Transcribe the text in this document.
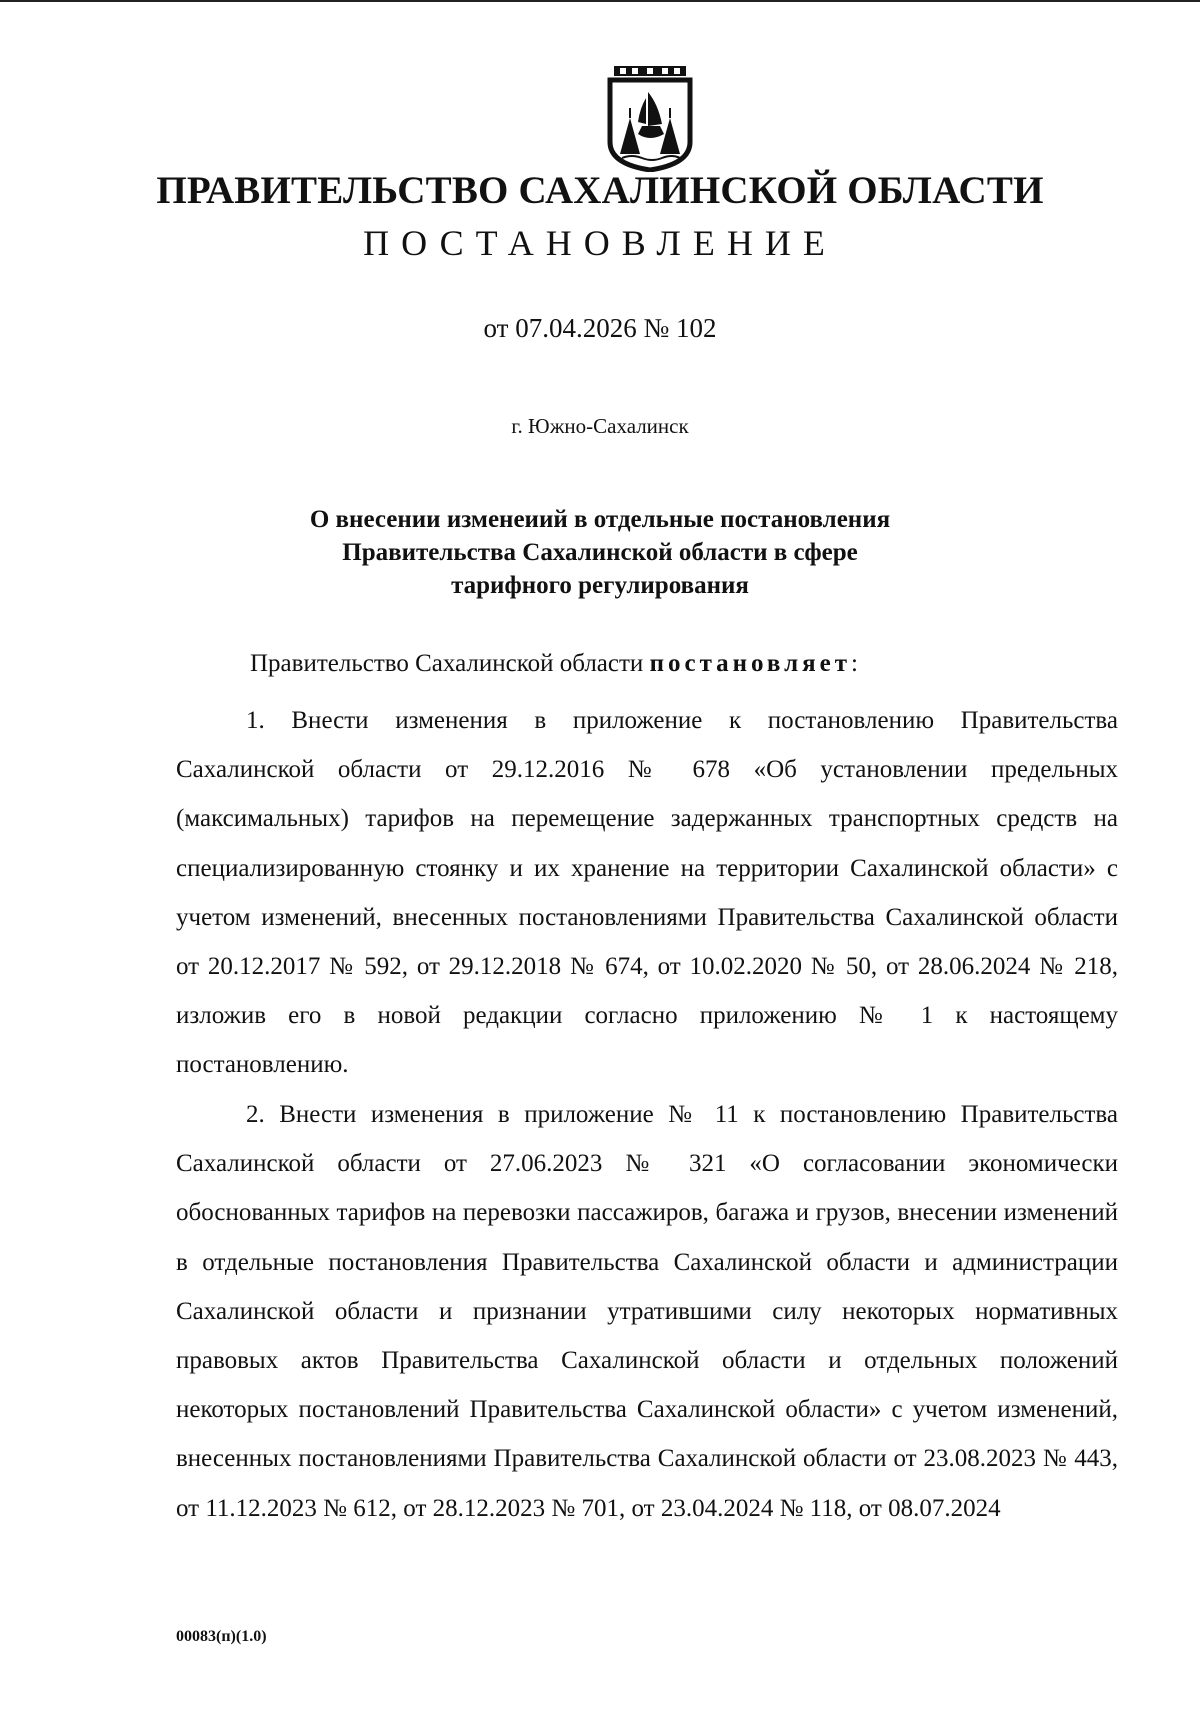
ПРАВИТЕЛЬСТВО САХАЛИНСКОЙ ОБЛАСТИ
ПОСТАНОВЛЕНИЕ
от 07.04.2026 № 102
г. Южно-Сахалинск
О внесении изменеиий в отдельные постановления
Правительства Сахалинской области в сфере
тарифного регулирования
Правительство Сахалинской области постановляет:

1. Внести изменения в приложение к постановлению Правительства Сахалинской области от 29.12.2016 № 678 «Об установлении предельных (максимальных) тарифов на перемещение задержанных транспортных средств на специализированную стоянку и их хранение на территории Сахалинской области» с учетом изменений, внесенных постановлениями Правительства Сахалинской области от 20.12.2017 № 592, от 29.12.2018 № 674, от 10.02.2020 № 50, от 28.06.2024 № 218, изложив его в новой редакции согласно приложению № 1 к настоящему постановлению.

2. Внести изменения в приложение № 11 к постановлению Правительства Сахалинской области от 27.06.2023 № 321 «О согласовании экономически обоснованных тарифов на перевозки пассажиров, багажа и грузов, внесении изменений в отдельные постановления Правительства Сахалинской области и администрации Сахалинской области и признании утратившими силу некоторых нормативных правовых актов Правительства Сахалинской области и отдельных положений некоторых постановлений Правительства Сахалинской области» с учетом изменений, внесенных постановлениями Правительства Сахалинской области от 23.08.2023 № 443, от 11.12.2023 № 612, от 28.12.2023 № 701, от 23.04.2024 № 118, от 08.07.2024

00083(п)(1.0)
